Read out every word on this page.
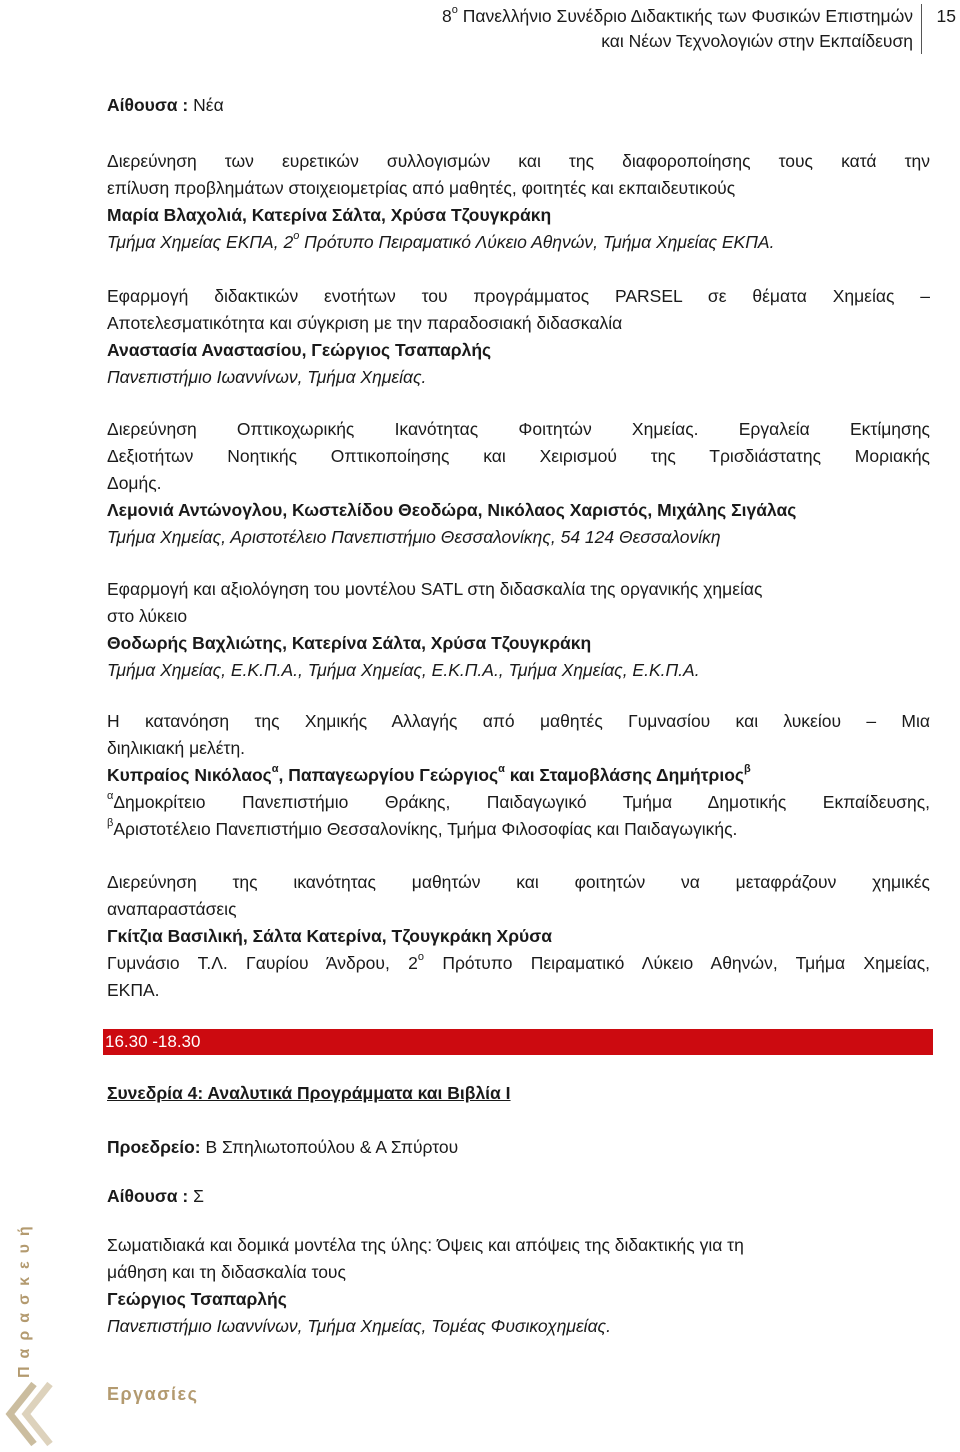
$8^o$ Πανελλήνιο Συνέδριο Διδακτικής των Φυσικών Επιστημών
και Νέων Τεχνολογιών στην Εκπαίδευση
15

Αίθουσα : Νέα

Διερεύνηση των ευρετικών συλλογισμών και της διαφοροποίησης τους κατά την

επίλυση προβλημάτων στοιχειομετρίας από μαθητές, φοιτητές και εκπαιδευτικούς

Μαρία Βλαχολιά, Κατερίνα Σάλτα, Χρύσα Τζουγκράκη

Τμήμα Χημείας ΕΚΠΑ, $2^o$ Πρότυπο Πειραματικό Λύκειο Αθηνών, Τμήμα Χημείας ΕΚΠΑ.

Εφαρμογή διδακτικών ενοτήτων του προγράμματος PARSEL σε θέματα Χημείας –

Αποτελεσματικότητα και σύγκριση με την παραδοσιακή διδασκαλία

Αναστασία Αναστασίου, Γεώργιος Τσαπαρλής

Πανεπιστήμιο Ιωαννίνων, Τμήμα Χημείας.

Διερεύνηση Οπτικοχωρικής Ικανότητας Φοιτητών Χημείας. Εργαλεία Εκτίμησης

Δεξιοτήτων Νοητικής Οπτικοποίησης και Χειρισμού της Τρισδιάστατης Μοριακής

Δομής.

Λεμονιά Αντώνογλου, Κωστελίδου Θεοδώρα, Νικόλαος Χαριστός, Μιχάλης Σιγάλας

Τμήμα Χημείας, Αριστοτέλειο Πανεπιστήμιο Θεσσαλονίκης, 54 124 Θεσσαλονίκη

Εφαρμογή και αξιολόγηση του μοντέλου SATL στη διδασκαλία της οργανικής χημείας

στο λύκειο

Θοδωρής Βαχλιώτης, Κατερίνα Σάλτα, Χρύσα Τζουγκράκη

Τμήμα Χημείας, Ε.Κ.Π.Α., Τμήμα Χημείας, Ε.Κ.Π.Α., Τμήμα Χημείας, Ε.Κ.Π.Α.

Η κατανόηση της Χημικής Αλλαγής από μαθητές Γυμνασίου και λυκείου – Μια

διηλικιακή μελέτη.

Κυπραίος Νικόλαος$^\alpha$, Παπαγεωργίου Γεώργιος$^\alpha$ και Σταμοβλάσης Δημήτριος$^\beta$

$^\alpha$Δημοκρίτειο Πανεπιστήμιο Θράκης, Παιδαγωγικό Τμήμα Δημοτικής Εκπαίδευσης,

$^\beta$Αριστοτέλειο Πανεπιστήμιο Θεσσαλονίκης, Τμήμα Φιλοσοφίας και Παιδαγωγικής.

Διερεύνηση της ικανότητας μαθητών και φοιτητών να μεταφράζουν χημικές

αναπαραστάσεις

Γκίτζια Βασιλική, Σάλτα Κατερίνα, Τζουγκράκη Χρύσα

Γυμνάσιο Τ.Λ. Γαυρίου Άνδρου, $2^o$ Πρότυπο Πειραματικό Λύκειο Αθηνών, Τμήμα Χημείας,

ΕΚΠΑ.

16.30 -18.30

Συνεδρία 4: Αναλυτικά Προγράμματα και Βιβλία Ι

Προεδρείο: Β Σπηλιωτοπούλου & Α Σπύρτου

Αίθουσα : Σ

Σωματιδιακά και δομικά μοντέλα της ύλης: Όψεις και απόψεις της διδακτικής για τη

μάθηση και τη διδασκαλία τους

Γεώργιος Τσαπαρλής

Πανεπιστήμιο Ιωαννίνων, Τμήμα Χημείας, Τομέας Φυσικοχημείας.

Παρασκευή
Εργασίες
